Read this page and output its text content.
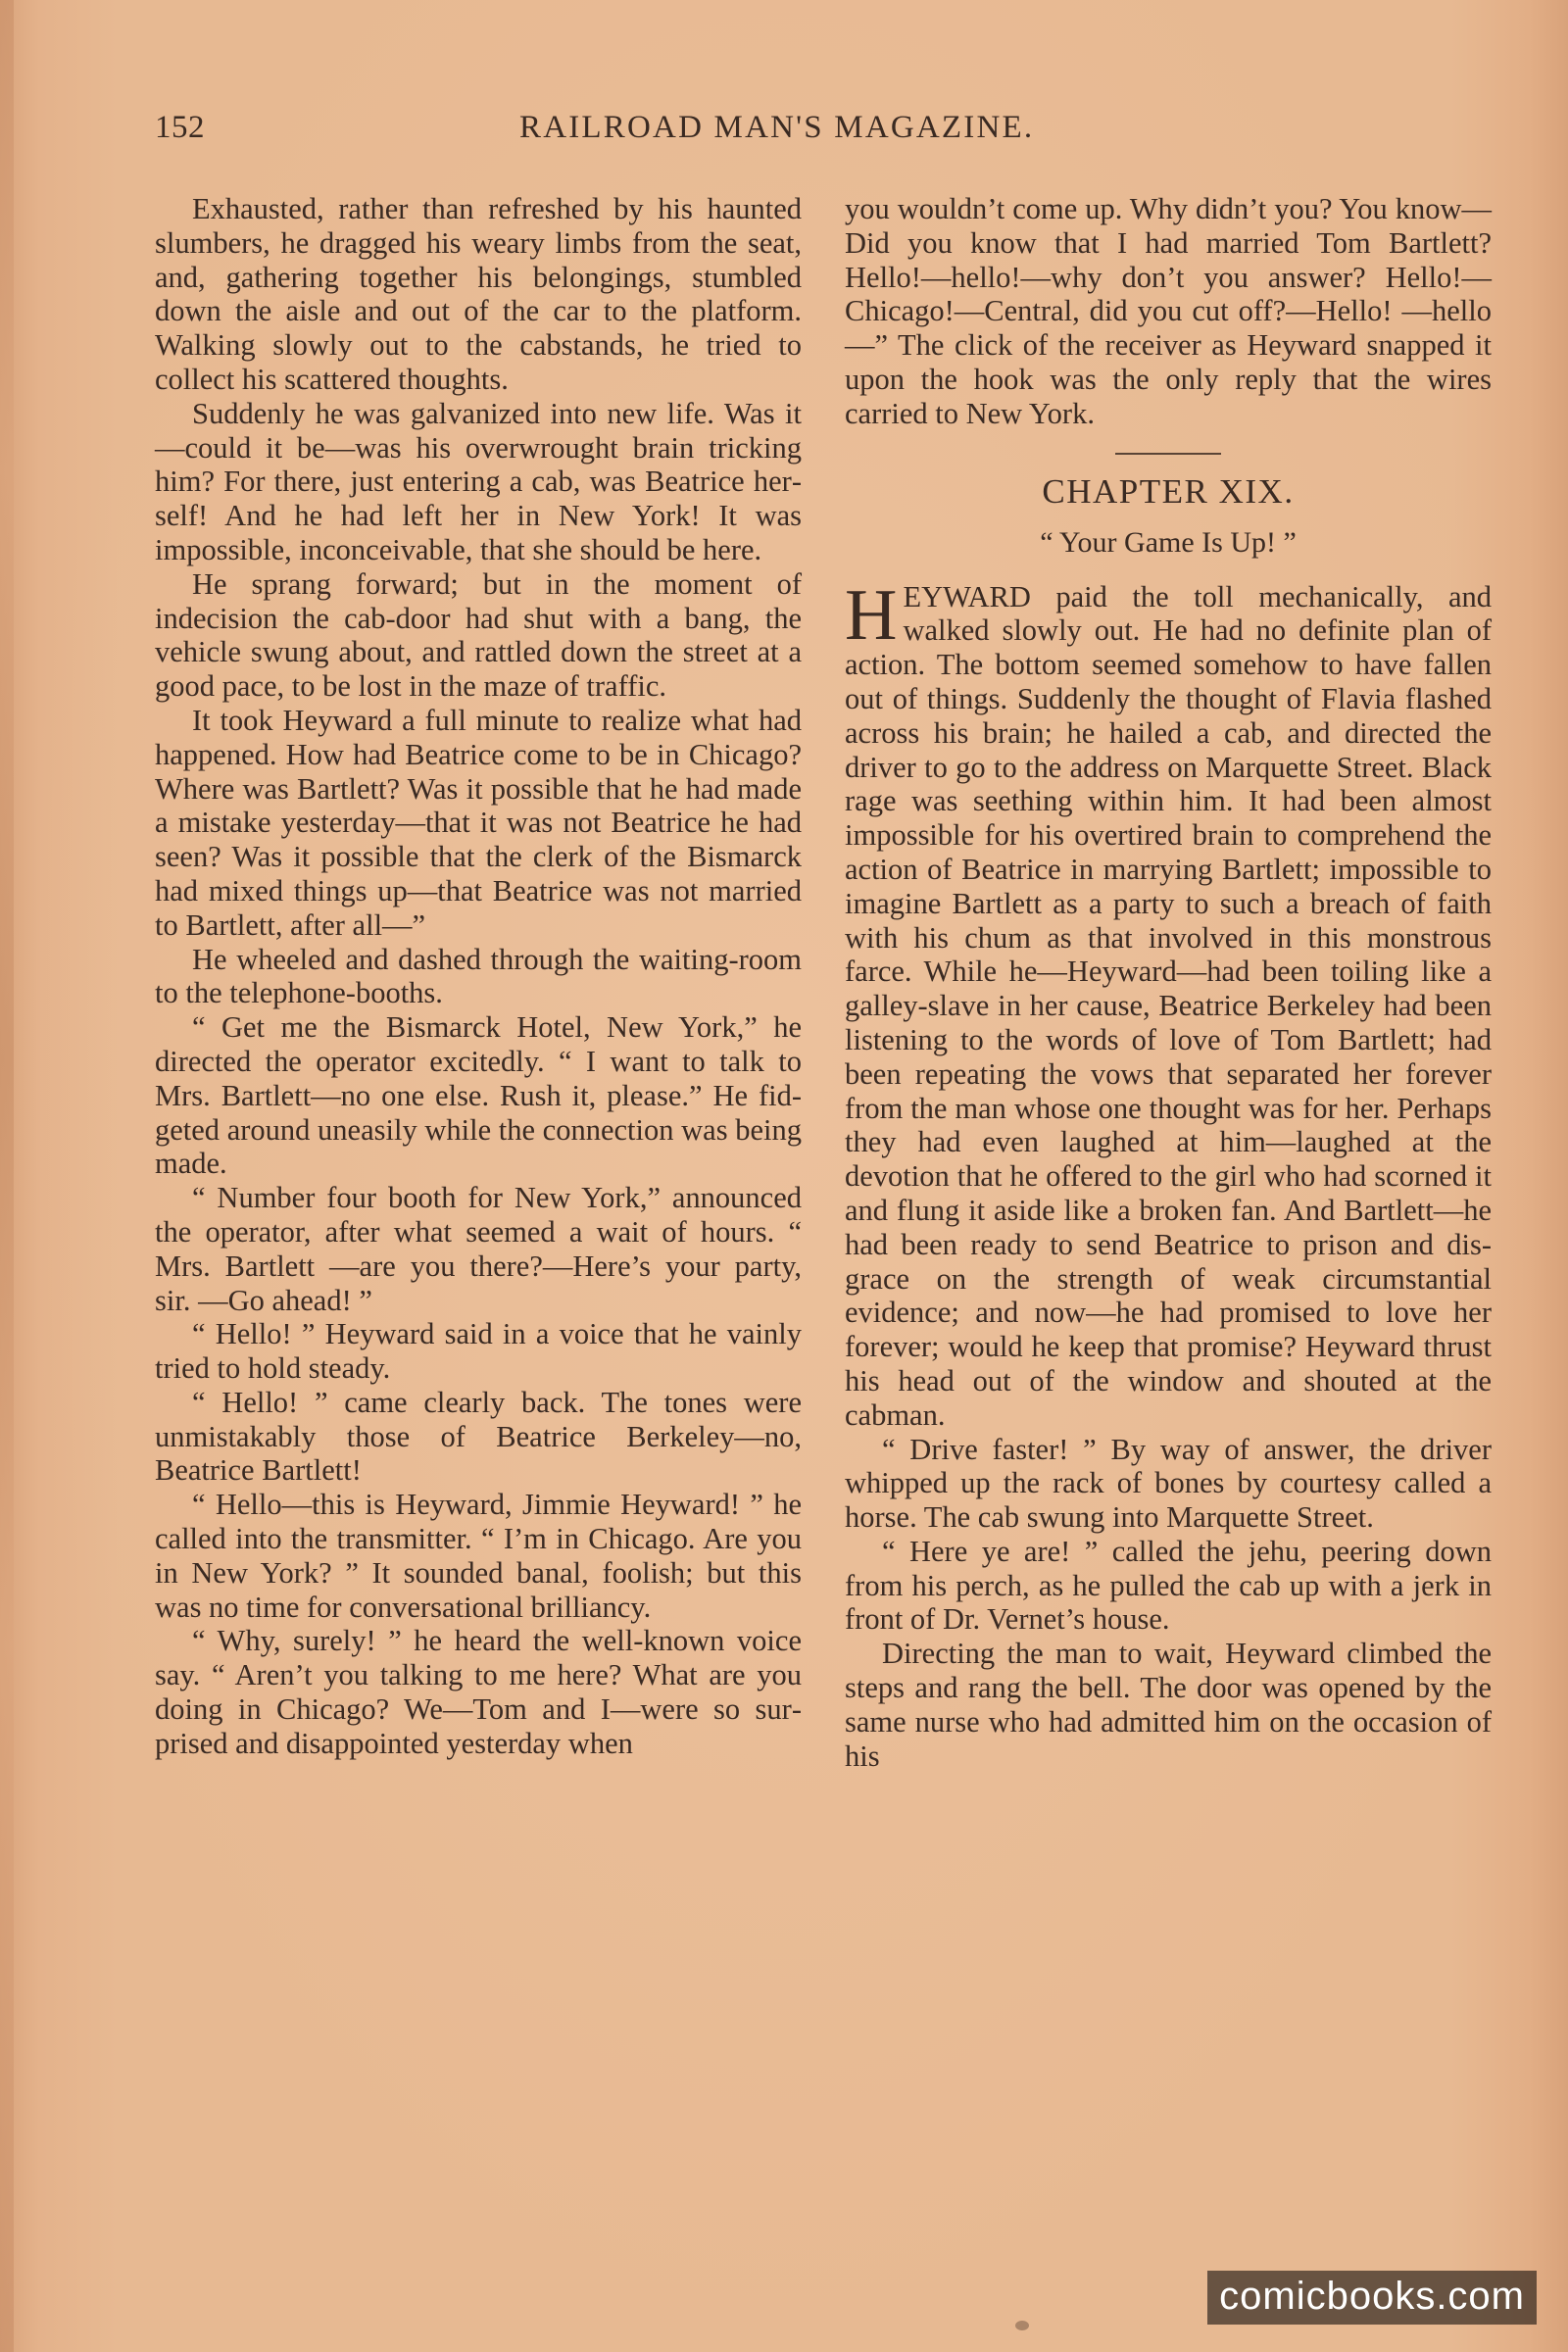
152	RAILROAD MAN'S MAGAZINE.

Exhausted, rather than refreshed by his haunted slumbers, he dragged his weary limbs from the seat, and, gathering together his belongings, stumbled down the aisle and out of the car to the platform. Walking slowly out to the cabstands, he tried to collect his scattered thoughts.

Suddenly he was galvanized into new life. Was it—could it be—was his overwrought brain tricking him? For there, just entering a cab, was Beatrice herself! And he had left her in New York! It was impossible, inconceivable, that she should be here.

He sprang forward; but in the moment of indecision the cab-door had shut with a bang, the vehicle swung about, and rattled down the street at a good pace, to be lost in the maze of traffic.

It took Heyward a full minute to realize what had happened. How had Beatrice come to be in Chicago? Where was Bartlett? Was it possible that he had made a mistake yesterday—that it was not Beatrice he had seen? Was it possible that the clerk of the Bismarck had mixed things up—that Beatrice was not married to Bartlett, after all—”

He wheeled and dashed through the waiting-room to the telephone-booths.

“ Get me the Bismarck Hotel, New York,” he directed the operator excitedly. “ I want to talk to Mrs. Bartlett—no one else. Rush it, please.” He fidgeted around uneasily while the connection was being made.

“ Number four booth for New York,” announced the operator, after what seemed a wait of hours. “ Mrs. Bartlett —are you there?—Here’s your party, sir. —Go ahead! ”

“ Hello! ” Heyward said in a voice that he vainly tried to hold steady.

“ Hello! ” came clearly back. The tones were unmistakably those of Beatrice Berkeley—no, Beatrice Bartlett!

“ Hello—this is Heyward, Jimmie Heyward! ” he called into the transmitter. “ I’m in Chicago. Are you in New York? ” It sounded banal, foolish; but this was no time for conversational brilliancy.

“ Why, surely! ” he heard the well-known voice say. “ Aren’t you talking to me here? What are you doing in Chicago? We—Tom and I—were so surprised and disappointed yesterday when

you wouldn’t come up. Why didn’t you? You know— Did you know that I had married Tom Bartlett? Hello!—hello!—why don’t you answer? Hello!—Chicago!—Central, did you cut off?—Hello! —hello—” The click of the receiver as Heyward snapped it upon the hook was the only reply that the wires carried to New York.

CHAPTER XIX.
“ Your Game Is Up! ”

HEYWARD paid the toll mechanically, and walked slowly out. He had no definite plan of action. The bottom seemed somehow to have fallen out of things. Suddenly the thought of Flavia flashed across his brain; he hailed a cab, and directed the driver to go to the address on Marquette Street. Black rage was seething within him. It had been almost impossible for his overtired brain to comprehend the action of Beatrice in marrying Bartlett; impossible to imagine Bartlett as a party to such a breach of faith with his chum as that involved in this monstrous farce. While he—Heyward—had been toiling like a galley-slave in her cause, Beatrice Berkeley had been listening to the words of love of Tom Bartlett; had been repeating the vows that separated her forever from the man whose one thought was for her. Perhaps they had even laughed at him—laughed at the devotion that he offered to the girl who had scorned it and flung it aside like a broken fan. And Bartlett—he had been ready to send Beatrice to prison and disgrace on the strength of weak circumstantial evidence; and now—he had promised to love her forever; would he keep that promise? Heyward thrust his head out of the window and shouted at the cabman.

“ Drive faster! ” By way of answer, the driver whipped up the rack of bones by courtesy called a horse. The cab swung into Marquette Street.

“ Here ye are! ” called the jehu, peering down from his perch, as he pulled the cab up with a jerk in front of Dr. Vernet’s house.

Directing the man to wait, Heyward climbed the steps and rang the bell. The door was opened by the same nurse who had admitted him on the occasion of his

comicbooks.com
